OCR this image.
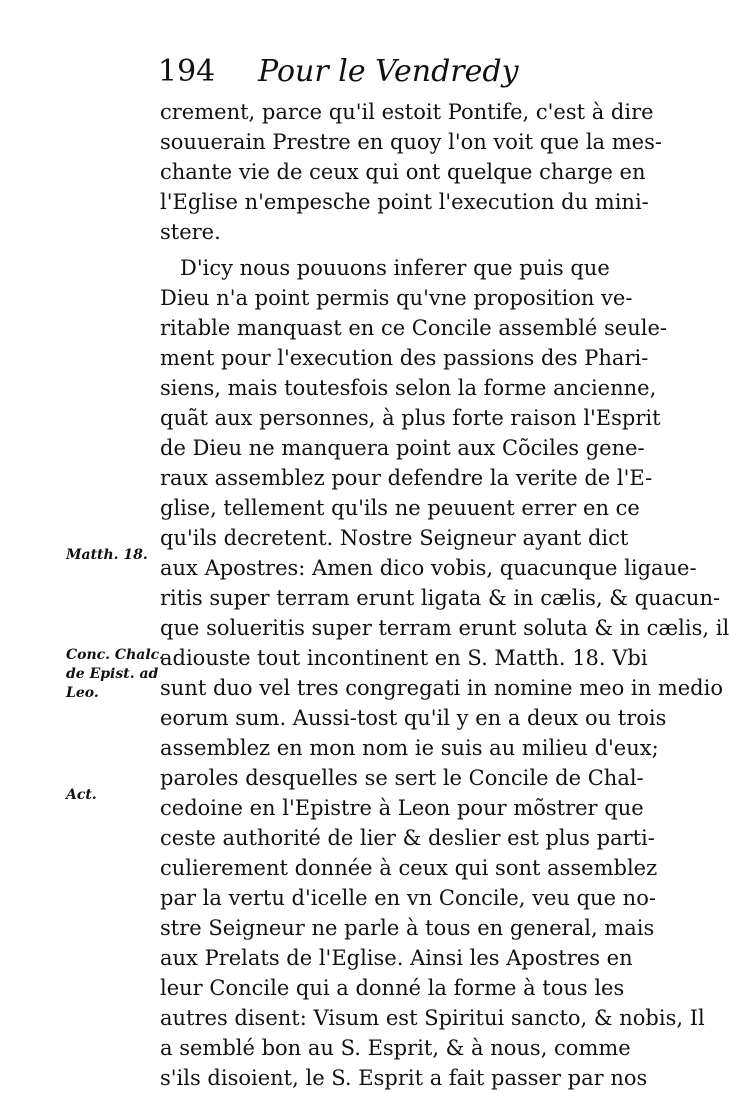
194 Pour le Vendredy
crement, parce qu'il estoit Pontife, c'est à dire
souuerain Prestre en quoy l'on voit que la mes-
chante vie de ceux qui ont quelque charge en
l'Eglise n'empesche point l'execution du mini-
stere.
D'icy nous pouuons inferer que puis que
Dieu n'a point permis qu'vne proposition ve-
ritable manquast en ce Concile assemblé seule-
ment pour l'execution des passions des Phari-
siens, mais toutesfois selon la forme ancienne,
quãt aux personnes, à plus forte raison l'Esprit
de Dieu ne manquera point aux Cõciles gene-
raux assemblez pour defendre la verite de l'E-
glise, tellement qu'ils ne peuuent errer en ce
qu'ils decretent. Nostre Seigneur ayant dict
aux Apostres: Amen dico vobis, quacunque ligaue-
ritis super terram erunt ligata & in cælis, & quacun-
que solueritis super terram erunt soluta & in cælis, il
adiouste tout incontinent en S. Matth. 18. Vbi
sunt duo vel tres congregati in nomine meo in medio
eorum sum. Aussi-tost qu'il y en a deux ou trois
assemblez en mon nom ie suis au milieu d'eux;
paroles desquelles se sert le Concile de Chal-
cedoine en l'Epistre à Leon pour mõstrer que
ceste authorité de lier & deslier est plus parti-
culierement donnée à ceux qui sont assemblez
par la vertu d'icelle en vn Concile, veu que no-
stre Seigneur ne parle à tous en general, mais
aux Prelats de l'Eglise. Ainsi les Apostres en
leur Concile qui a donné la forme à tous les
autres disent: Visum est Spiritui sancto, & nobis, Il
a semblé bon au S. Esprit, & à nous, comme
s'ils disoient, le S. Esprit a fait passer par nos
Matth. 18.
Conc. Chalc.
de Epist. ad
Leo.
Act.
